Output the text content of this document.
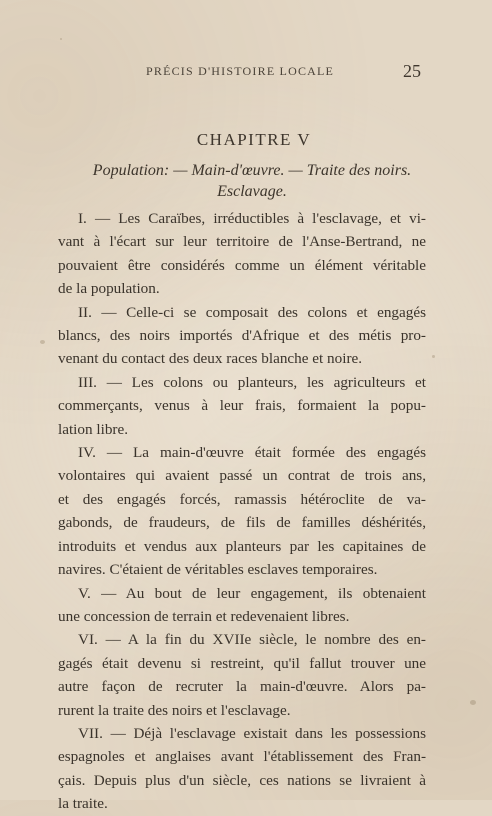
PRÉCIS D'HISTOIRE LOCALE	25
CHAPITRE V
Population: — Main-d'œuvre. — Traite des noirs.
Esclavage.

I. — Les Caraïbes, irréductibles à l'esclavage, et vi-
vant à l'écart sur leur territoire de l'Anse-Bertrand, ne
pouvaient être considérés comme un élément véritable
de la population.

II. — Celle-ci se composait des colons et engagés
blancs, des noirs importés d'Afrique et des métis pro-
venant du contact des deux races blanche et noire.

III. — Les colons ou planteurs, les agriculteurs et
commerçants, venus à leur frais, formaient la popu-
lation libre.

IV. — La main-d'œuvre était formée des engagés
volontaires qui avaient passé un contrat de trois ans,
et des engagés forcés, ramassis hétéroclite de va-
gabonds, de fraudeurs, de fils de familles déshérités,
introduits et vendus aux planteurs par les capitaines de
navires. C'étaient de véritables esclaves temporaires.

V. — Au bout de leur engagement, ils obtenaient
une concession de terrain et redevenaient libres.

VI. — A la fin du XVIIe siècle, le nombre des en-
gagés était devenu si restreint, qu'il fallut trouver une
autre façon de recruter la main-d'œuvre. Alors pa-
rurent la traite des noirs et l'esclavage.

VII. — Déjà l'esclavage existait dans les possessions
espagnoles et anglaises avant l'établissement des Fran-
çais. Depuis plus d'un siècle, ces nations se livraient à
la traite.
